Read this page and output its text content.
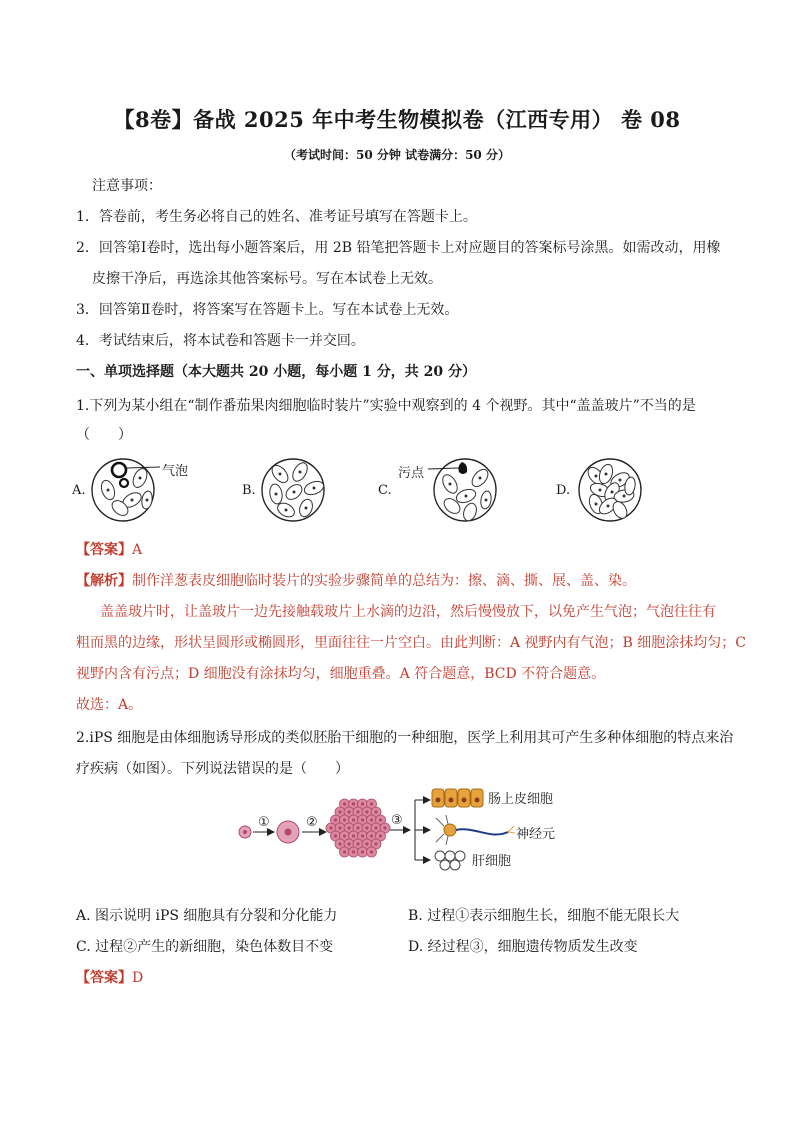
【8卷】备战 2025 年中考生物模拟卷（江西专用） 卷 08
（考试时间：50 分钟 试卷满分：50 分）
注意事项：
1．答卷前，考生务必将自己的姓名、准考证号填写在答题卡上。
2．回答第Ⅰ卷时，选出每小题答案后，用 2B 铅笔把答题卡上对应题目的答案标号涂黑。如需改动，用橡
皮擦干净后，再选涂其他答案标号。写在本试卷上无效。
3．回答第Ⅱ卷时，将答案写在答题卡上。写在本试卷上无效。
4．考试结束后，将本试卷和答题卡一并交回。
一、单项选择题（本大题共 20 小题，每小题 1 分，共 20 分）
1.下列为某小组在“制作番茄果肉细胞临时装片”实验中观察到的 4 个视野。其中“盖盖玻片”不当的是
（　　）
A.	B.	C.	D.
气泡	污点
【答案】A
【解析】制作洋葱表皮细胞临时装片的实验步骤简单的总结为：擦、滴、撕、展、盖、染。
盖盖玻片时，让盖玻片一边先接触载玻片上水滴的边沿，然后慢慢放下，以免产生气泡；气泡往往有
粗而黑的边缘，形状呈圆形或椭圆形，里面往往一片空白。由此判断：A 视野内有气泡；B 细胞涂抹均匀；C
视野内含有污点；D 细胞没有涂抹均匀，细胞重叠。A 符合题意，BCD 不符合题意。
故选：A。
2.iPS 细胞是由体细胞诱导形成的类似胚胎干细胞的一种细胞，医学上利用其可产生多种体细胞的特点来治
疗疾病（如图）。下列说法错误的是（　　）
①	②	③
肠上皮细胞
神经元
肝细胞
A. 图示说明 iPS 细胞具有分裂和分化能力	B. 过程①表示细胞生长，细胞不能无限长大
C. 过程②产生的新细胞，染色体数目不变	D. 经过程③，细胞遗传物质发生改变
【答案】D
